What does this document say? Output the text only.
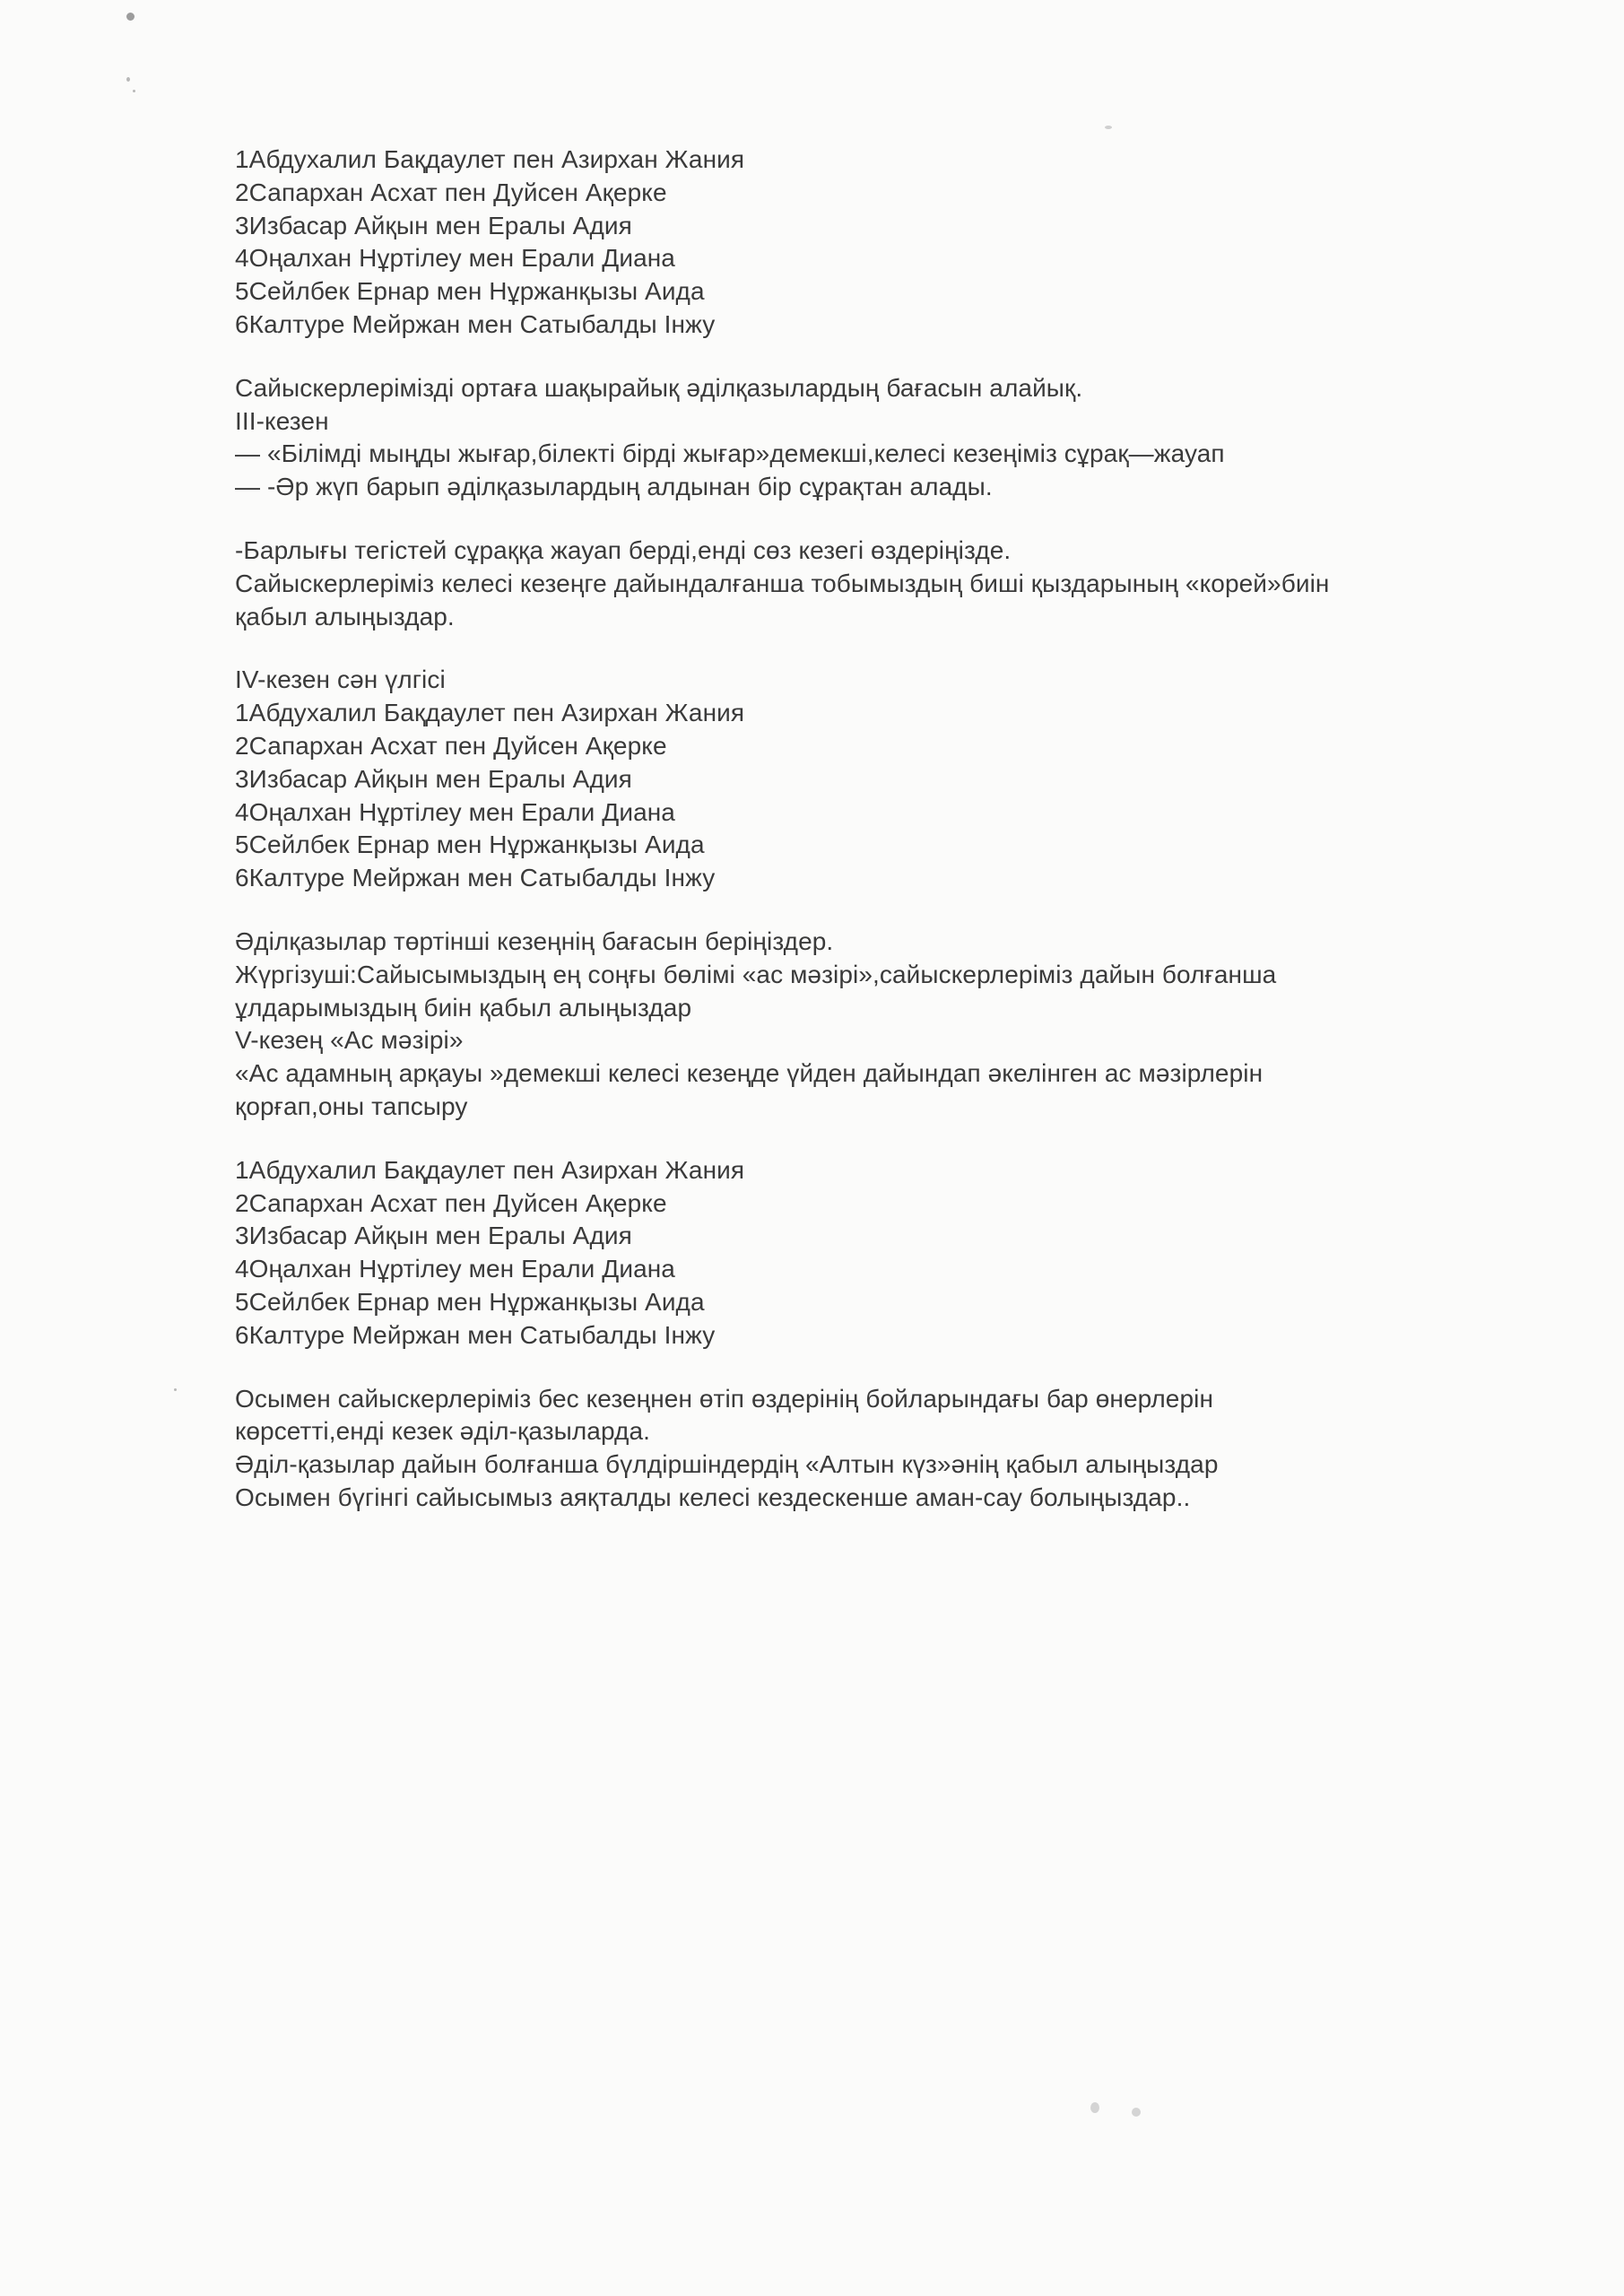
1Абдухалил Бақдаулет пен Азирхан Жания
2Сапархан Асхат пен Дуйсен Ақерке
3Избасар Айқын мен Ералы Адия
4Оңалхан Нұртілеу мен Ерали Диана
5Сейлбек Ернар мен Нұржанқызы Аида
6Калтуре Мейржан мен Сатыбалды Інжу
Сайыскерлерімізді ортаға шақырайық әділқазылардың бағасын алайық.
ІІІ-кезен
— «Білімді мыңды жығар,білекті бірді жығар»демекші,келесі кезеңіміз сұрақ—жауап
— -Әр жүп барып әділқазылардың алдынан бір сұрақтан алады.
-Барлығы тегістей сұраққа жауап берді,енді сөз кезегі өздеріңізде.
Сайыскерлеріміз келесі кезеңге дайындалғанша тобымыздың биші қыздарының «корей»биін
қабыл алыңыздар.
ІV-кезен сән үлгісі
1Абдухалил Бақдаулет пен Азирхан Жания
2Сапархан Асхат пен Дуйсен Ақерке
3Избасар Айқын мен Ералы Адия
4Оңалхан Нұртілеу мен Ерали Диана
5Сейлбек Ернар мен Нұржанқызы Аида
6Калтуре Мейржан мен Сатыбалды Інжу
Әділқазылар төртінші кезеңнің бағасын беріңіздер.
Жүргізуші:Сайысымыздың ең соңғы бөлімі «ас мәзірі»,сайыскерлеріміз дайын болғанша
ұлдарымыздың биін қабыл алыңыздар
V-кезең «Ас мәзірі»
«Ас адамның арқауы »демекші келесі кезеңде үйден дайындап әкелінген ас мәзірлерін
қорғап,оны тапсыру
1Абдухалил Бақдаулет пен Азирхан Жания
2Сапархан Асхат пен Дуйсен Ақерке
3Избасар Айқын мен Ералы Адия
4Оңалхан Нұртілеу мен Ерали Диана
5Сейлбек Ернар мен Нұржанқызы Аида
6Калтуре Мейржан мен Сатыбалды Інжу
Осымен сайыскерлеріміз бес кезеңнен өтіп өздерінің бойларындағы бар өнерлерін
көрсетті,енді кезек әділ-қазыларда.
Әділ-қазылар дайын болғанша бүлдіршіндердің «Алтын күз»әнің қабыл алыңыздар
Осымен бүгінгі сайысымыз аяқталды келесі кездескенше аман-сау болыңыздар..
